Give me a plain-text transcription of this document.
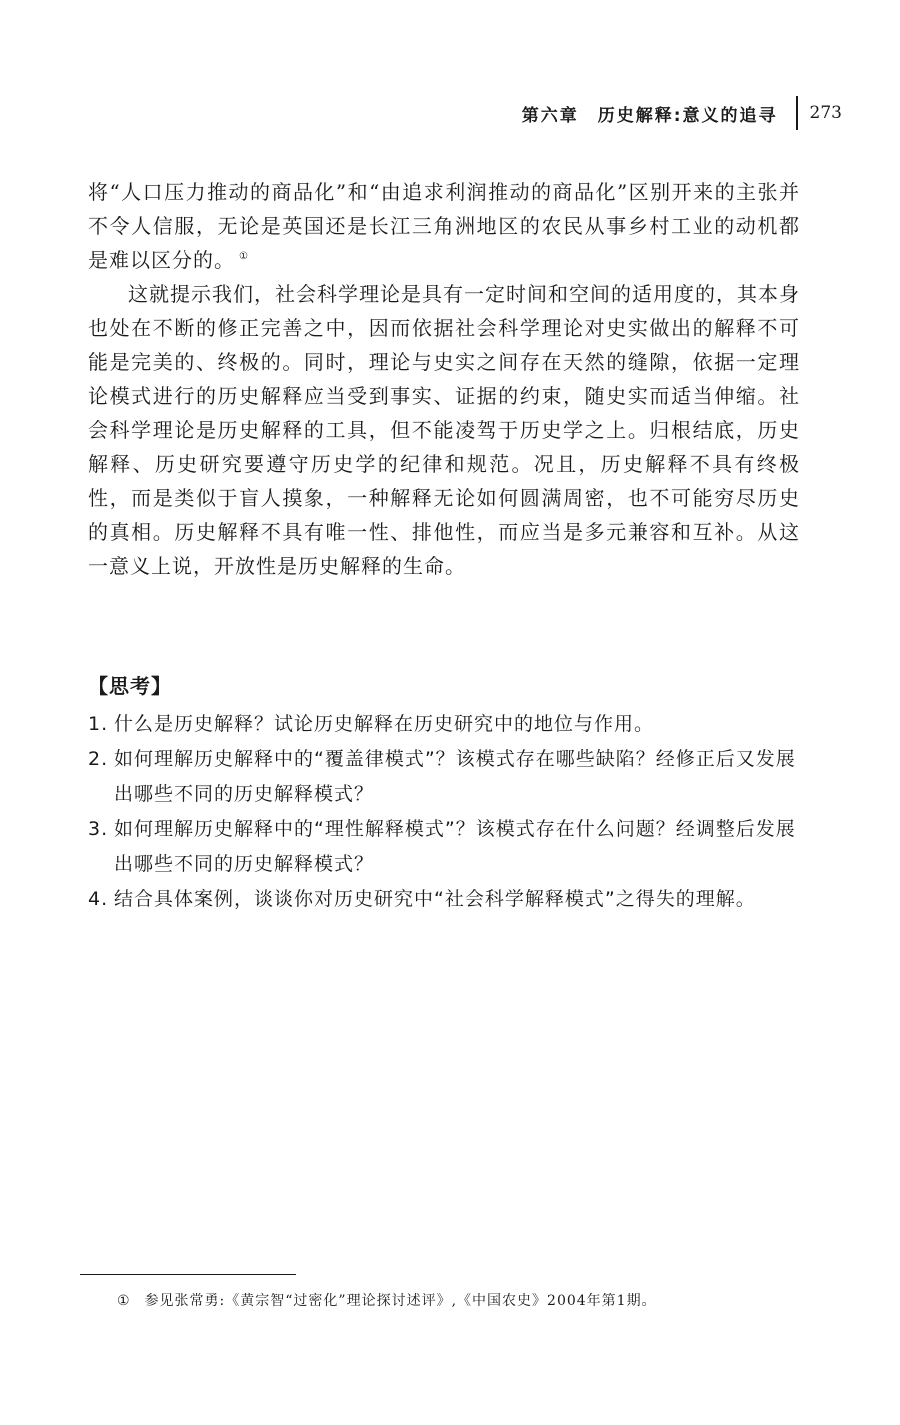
第六章　历史解释:意义的追寻 273

将“人口压力推动的商品化”和“由追求利润推动的商品化”区别开来的主张并不令人信服，无论是英国还是长江三角洲地区的农民从事乡村工业的动机都是难以区分的。 ①

这就提示我们，社会科学理论是具有一定时间和空间的适用度的，其本身也处在不断的修正完善之中，因而依据社会科学理论对史实做出的解释不可能是完美的、终极的。同时，理论与史实之间存在天然的缝隙，依据一定理论模式进行的历史解释应当受到事实、证据的约束，随史实而适当伸缩。社会科学理论是历史解释的工具，但不能凌驾于历史学之上。归根结底，历史解释、历史研究要遵守历史学的纪律和规范。况且，历史解释不具有终极性，而是类似于盲人摸象，一种解释无论如何圆满周密，也不可能穷尽历史的真相。历史解释不具有唯一性、排他性，而应当是多元兼容和互补。从这一意义上说，开放性是历史解释的生命。

【思考】
1. 什么是历史解释？试论历史解释在历史研究中的地位与作用。
2. 如何理解历史解释中的“覆盖律模式”？该模式存在哪些缺陷？经修正后又发展出哪些不同的历史解释模式？
3. 如何理解历史解释中的“理性解释模式”？该模式存在什么问题？经调整后发展出哪些不同的历史解释模式？
4. 结合具体案例，谈谈你对历史研究中“社会科学解释模式”之得失的理解。
① 参见张常勇:《黄宗智“过密化”理论探讨述评》,《中国农史》2004年第1期。
